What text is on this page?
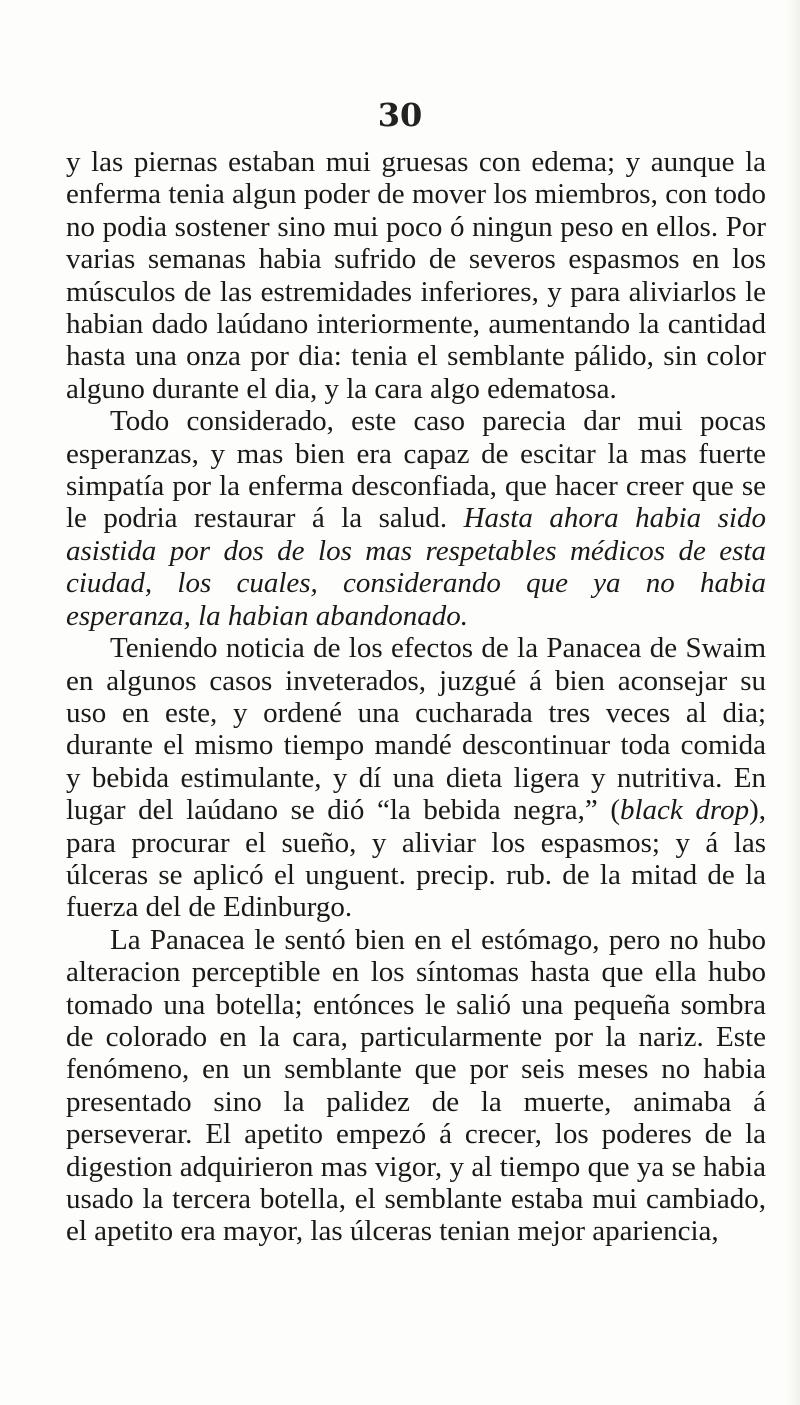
30

y las piernas estaban mui gruesas con edema; y aunque la enferma tenia algun poder de mover los miembros, con todo no podia sostener sino mui poco ó ningun peso en ellos. Por varias semanas habia sufrido de severos espasmos en los músculos de las estremidades inferiores, y para aliviarlos le habian dado laúdano interiormente, aumentando la cantidad hasta una onza por dia: tenia el semblante pálido, sin color alguno durante el dia, y la cara algo edematosa.

Todo considerado, este caso parecia dar mui pocas esperanzas, y mas bien era capaz de escitar la mas fuerte simpatía por la enferma desconfiada, que hacer creer que se le podria restaurar á la salud. Hasta ahora habia sido asistida por dos de los mas respetables médicos de esta ciudad, los cuales, considerando que ya no habia esperanza, la habian abandonado.

Teniendo noticia de los efectos de la Panacea de Swaim en algunos casos inveterados, juzgué á bien aconsejar su uso en este, y ordené una cucharada tres veces al dia; durante el mismo tiempo mandé descontinuar toda comida y bebida estimulante, y dí una dieta ligera y nutritiva. En lugar del laúdano se dió “la bebida negra,” (black drop), para procurar el sueño, y aliviar los espasmos; y á las úlceras se aplicó el unguent. precip. rub. de la mitad de la fuerza del de Edinburgo.

La Panacea le sentó bien en el estómago, pero no hubo alteracion perceptible en los síntomas hasta que ella hubo tomado una botella; entónces le salió una pequeña sombra de colorado en la cara, particularmente por la nariz. Este fenómeno, en un semblante que por seis meses no habia presentado sino la palidez de la muerte, animaba á perseverar. El apetito empezó á crecer, los poderes de la digestion adquirieron mas vigor, y al tiempo que ya se habia usado la tercera botella, el semblante estaba mui cambiado, el apetito era mayor, las úlceras tenian mejor apariencia,
